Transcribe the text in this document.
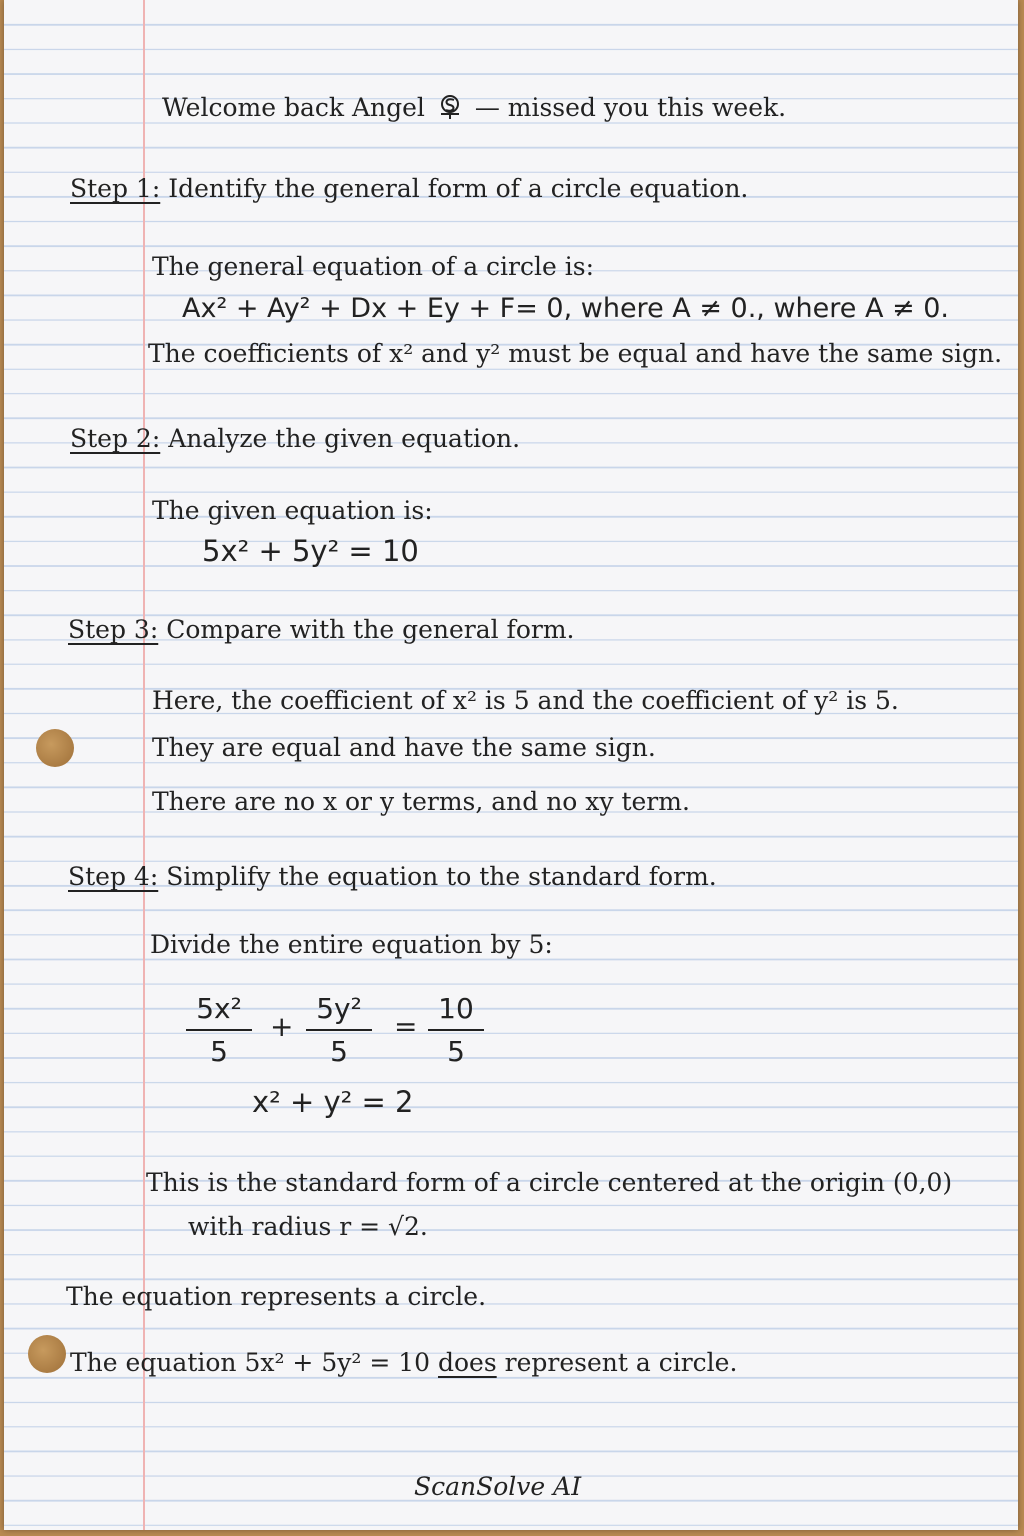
Welcome back Angel — missed you this week.
Step 1: Identify the general form of a circle equation.
The general equation of a circle is:
Ax² + Ay² + Dx + Ey + F= 0, where A ≠ 0., where A ≠ 0.
The coefficients of x² and y² must be equal and have the same sign.
Step 2: Analyze the given equation.
The given equation is:
5x² + 5y² = 10
Step 3: Compare with the general form.
Here, the coefficient of x² is 5 and the coefficient of y² is 5.
They are equal and have the same sign.
There are no x or y terms, and no xy term.
Step 4: Simplify the equation to the standard form.
Divide the entire equation by 5:
5x²
5
+
5y²
5
=
10
5
x² + y² = 2
This is the standard form of a circle centered at the origin (0,0)
with radius r = √2.
The equation represents a circle.
The equation 5x² + 5y² = 10 does represent a circle.
ScanSolve AI
